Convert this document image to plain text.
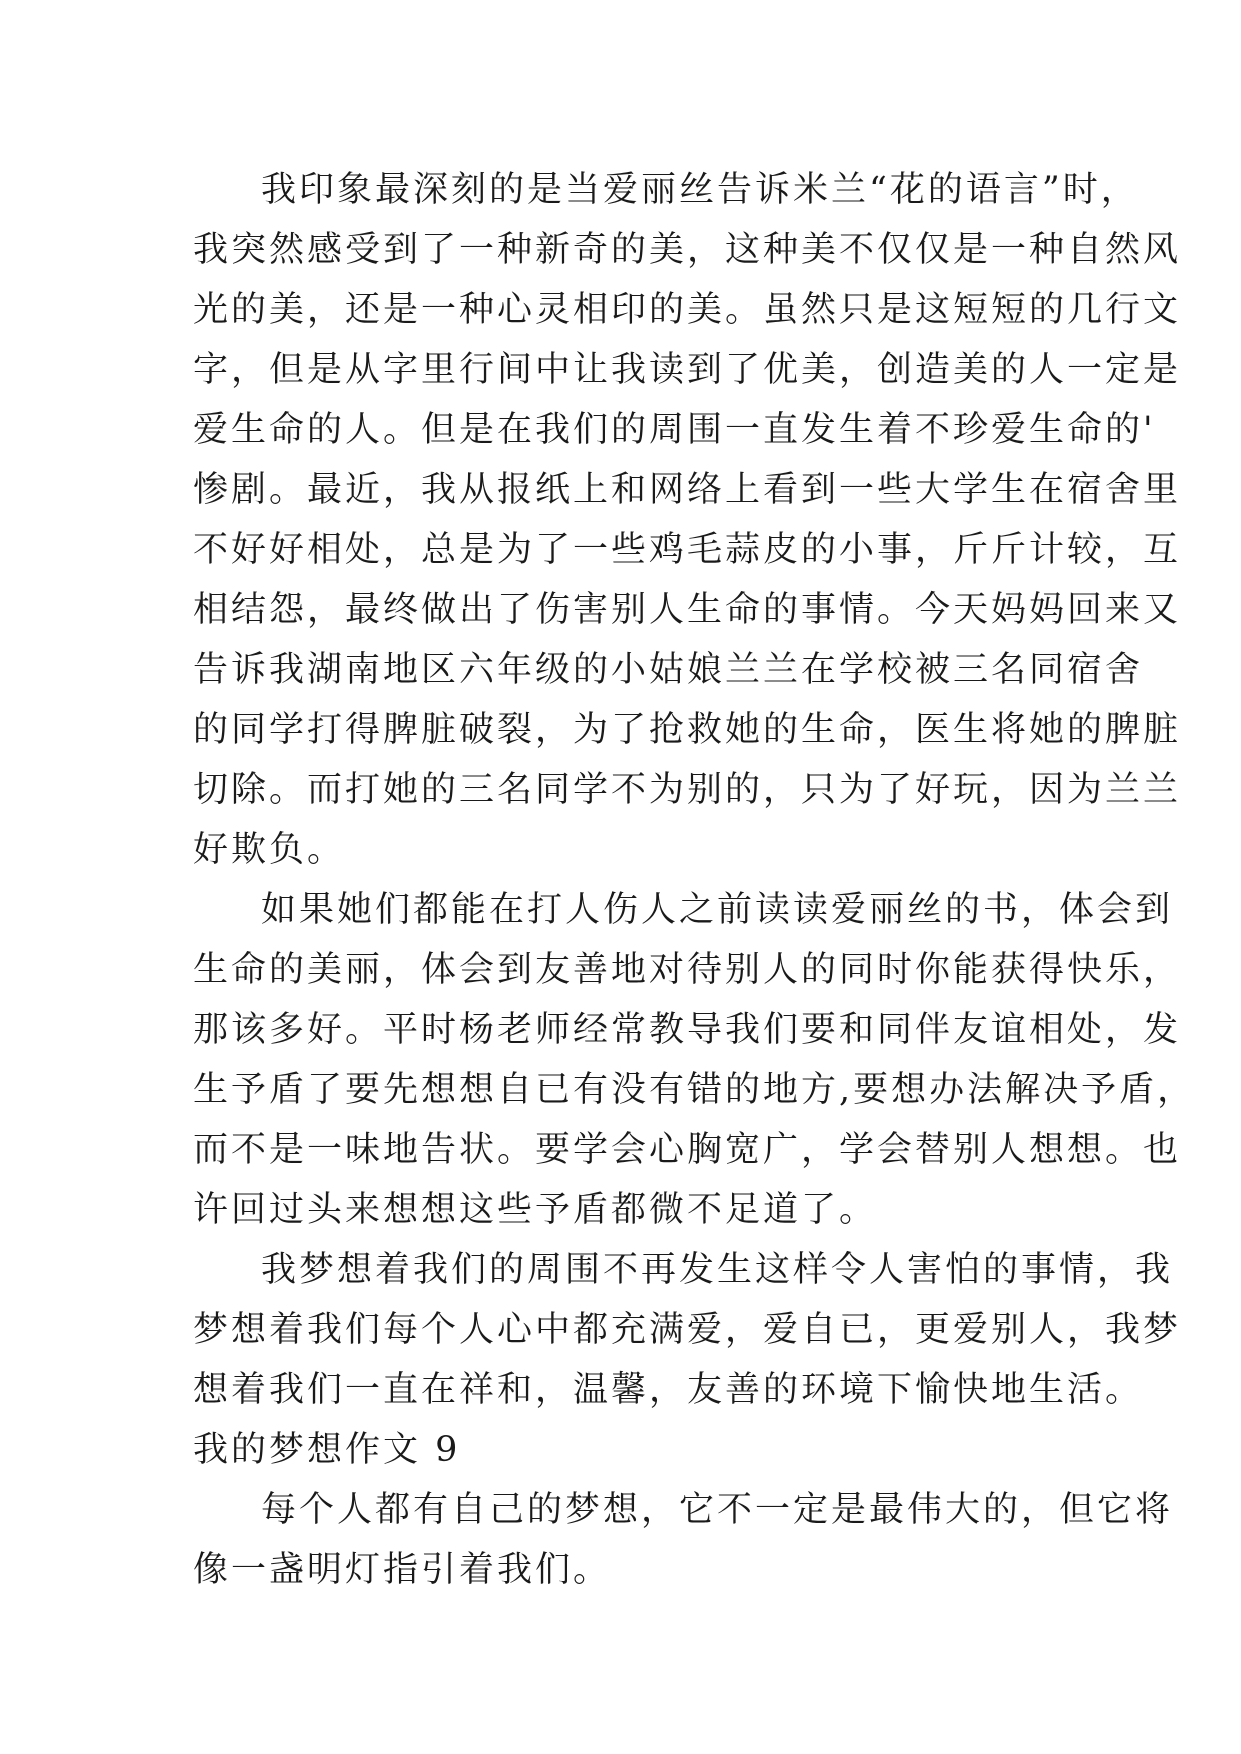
我印象最深刻的是当爱丽丝告诉米兰“花的语言”时，
我突然感受到了一种新奇的美，这种美不仅仅是一种自然风
光的美，还是一种心灵相印的美。虽然只是这短短的几行文
字，但是从字里行间中让我读到了优美，创造美的人一定是
爱生命的人。但是在我们的周围一直发生着不珍爱生命的'
惨剧。最近，我从报纸上和网络上看到一些大学生在宿舍里
不好好相处，总是为了一些鸡毛蒜皮的小事，斤斤计较，互
相结怨，最终做出了伤害别人生命的事情。今天妈妈回来又
告诉我湖南地区六年级的小姑娘兰兰在学校被三名同宿舍
的同学打得脾脏破裂，为了抢救她的生命，医生将她的脾脏
切除。而打她的三名同学不为别的，只为了好玩，因为兰兰
好欺负。

如果她们都能在打人伤人之前读读爱丽丝的书，体会到
生命的美丽，体会到友善地对待别人的同时你能获得快乐，
那该多好。平时杨老师经常教导我们要和同伴友谊相处，发
生予盾了要先想想自已有没有错的地方,要想办法解决予盾，
而不是一味地告状。要学会心胸宽广，学会替别人想想。也
许回过头来想想这些予盾都微不足道了。

我梦想着我们的周围不再发生这样令人害怕的事情，我
梦想着我们每个人心中都充满爱，爱自已，更爱别人，我梦
想着我们一直在祥和，温馨，友善的环境下愉快地生活。

我的梦想作文 9

每个人都有自己的梦想，它不一定是最伟大的，但它将
像一盏明灯指引着我们。
